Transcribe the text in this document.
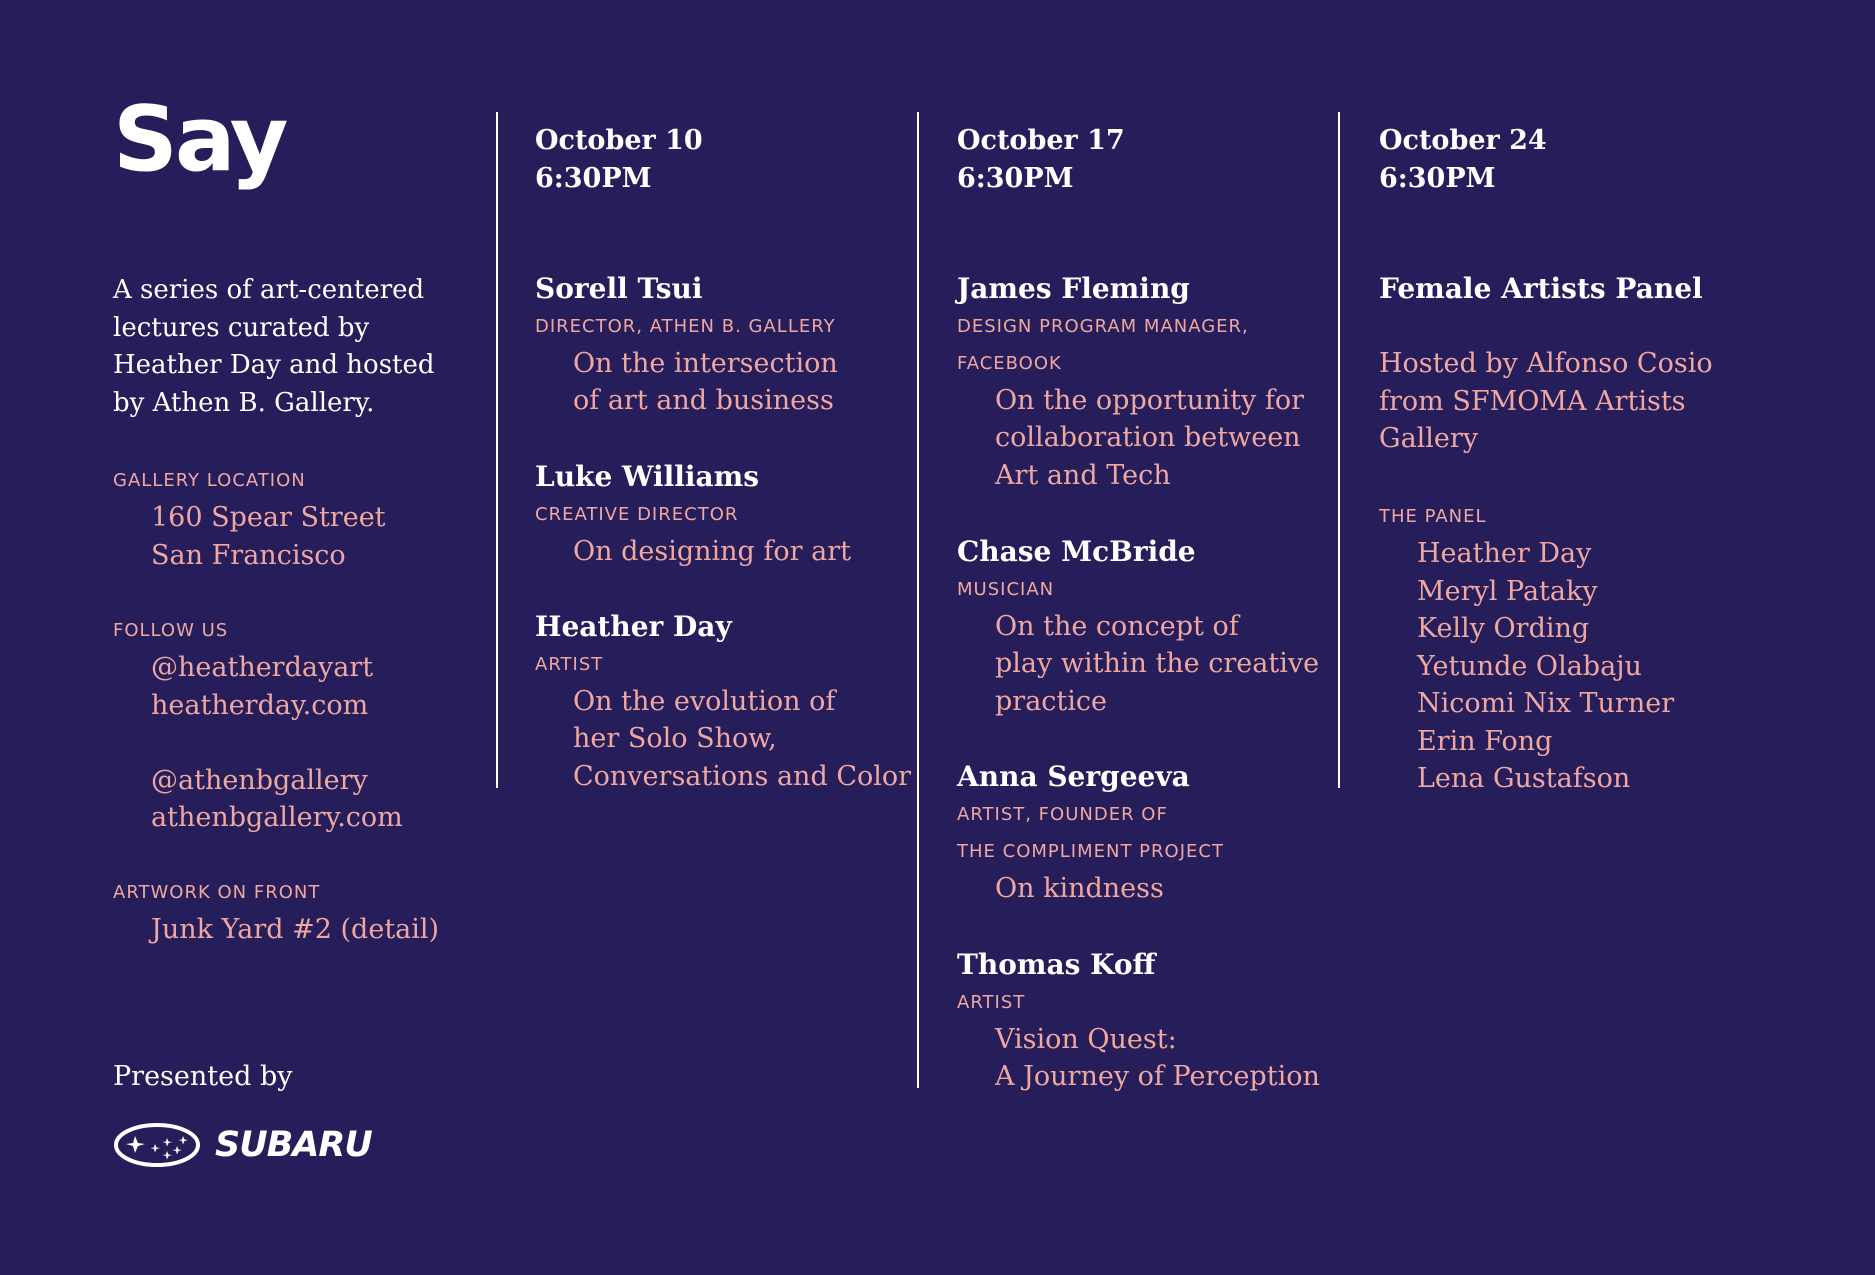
Say
A series of art-centered lectures curated by Heather Day and hosted by Athen B. Gallery.
GALLERY LOCATION
160 Spear Street
San Francisco
FOLLOW US
@heatherdayart
heatherday.com
@athenbgallery
athenbgallery.com
ARTWORK ON FRONT
Junk Yard #2 (detail)
Presented by
SUBARU
October 10
6:30PM
Sorell Tsui
DIRECTOR, ATHEN B. GALLERY
On the intersection
of art and business
Luke Williams
CREATIVE DIRECTOR
On designing for art
Heather Day
ARTIST
On the evolution of
her Solo Show,
Conversations and Color
October 17
6:30PM
James Fleming
DESIGN PROGRAM MANAGER,
FACEBOOK
On the opportunity for
collaboration between
Art and Tech
Chase McBride
MUSICIAN
On the concept of
play within the creative
practice
Anna Sergeeva
ARTIST, FOUNDER OF
THE COMPLIMENT PROJECT
On kindness
Thomas Koff
ARTIST
Vision Quest:
A Journey of Perception
October 24
6:30PM
Female Artists Panel
Hosted by Alfonso Cosio
from SFMOMA Artists
Gallery
THE PANEL
Heather Day
Meryl Pataky
Kelly Ording
Yetunde Olabaju
Nicomi Nix Turner
Erin Fong
Lena Gustafson
